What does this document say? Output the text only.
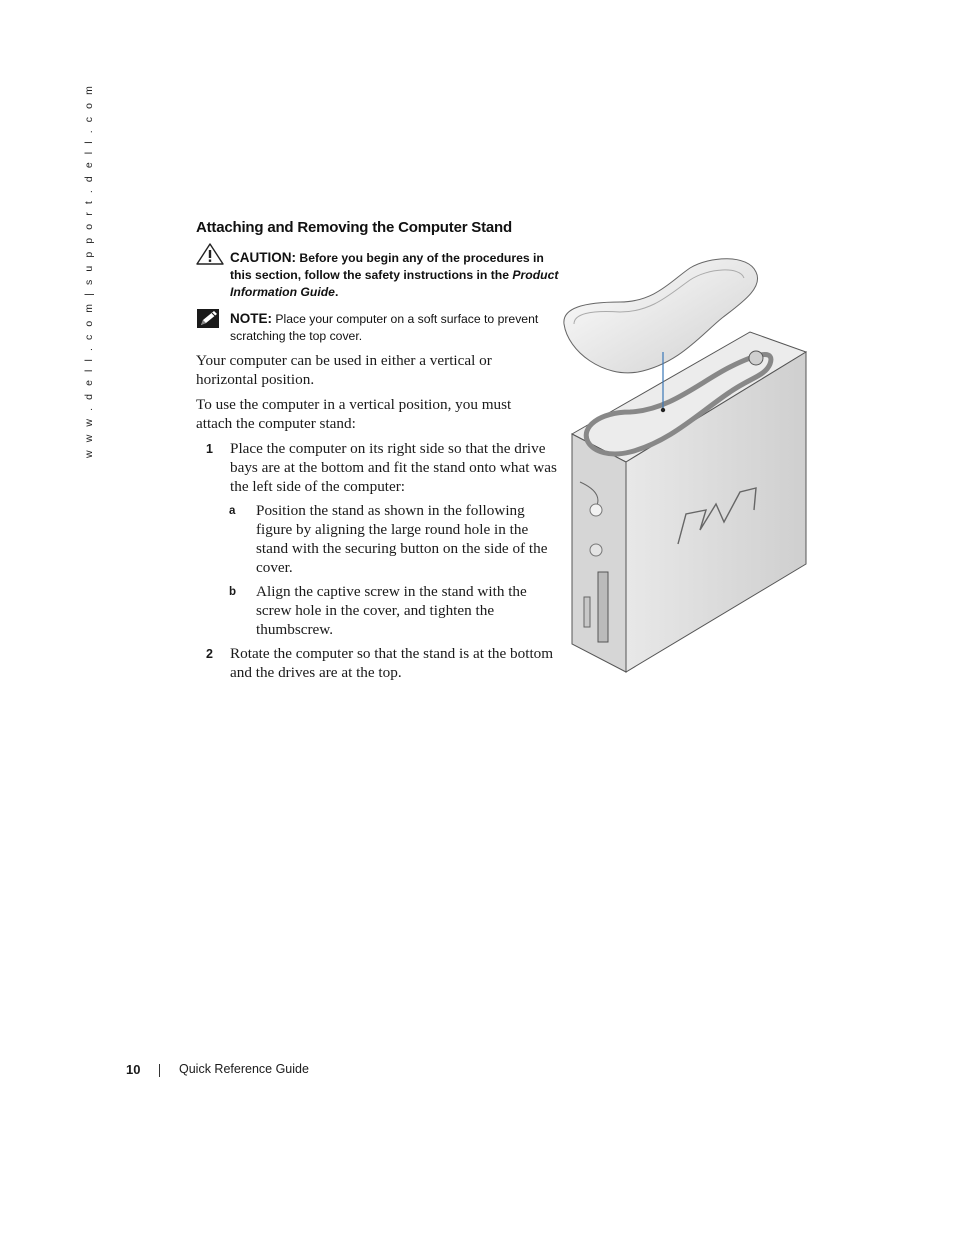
w w w . d e l l . c o m | s u p p o r t . d e l l . c o m	Attaching and Removing the Computer Stand
CAUTION: Before you begin any of the procedures in this section, follow the safety instructions in the Product Information Guide.
NOTE: Place your computer on a soft surface to prevent scratching the top cover.

Your computer can be used in either a vertical or horizontal position.

To use the computer in a vertical position, you must attach the computer stand:

1 Place the computer on its right side so that the drive bays are at the bottom and fit the stand onto what was the left side of the computer:
a Position the stand as shown in the following figure by aligning the large round hole in the stand with the securing button on the side of the cover.
b Align the captive screw in the stand with the screw hole in the cover, and tighten the thumbscrew.
2 Rotate the computer so that the stand is at the bottom and the drives are at the top.
10	Quick Reference Guide
